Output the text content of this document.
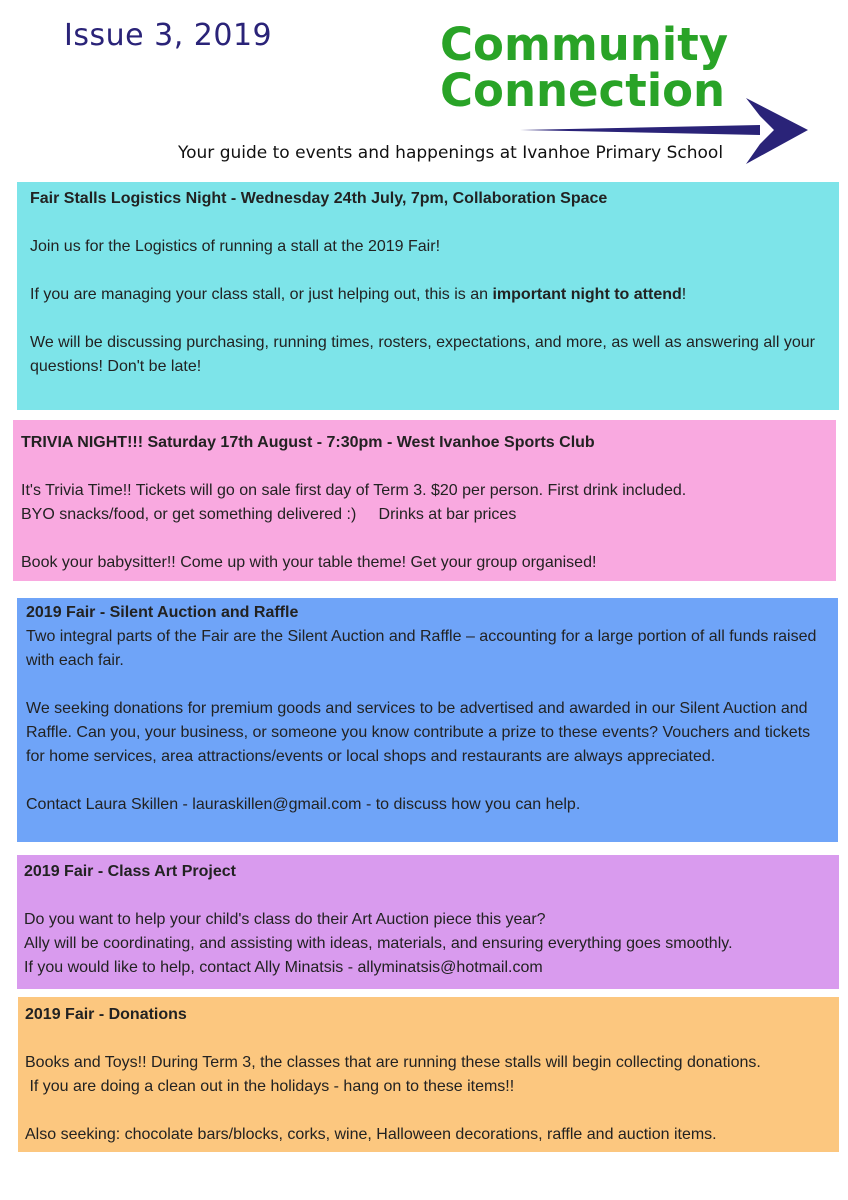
Issue 3, 2019	Community
Connection
Your guide to events and happenings at Ivanhoe Primary School

Fair Stalls Logistics Night - Wednesday 24th July, 7pm, Collaboration Space

Join us for the Logistics of running a stall at the 2019 Fair!

If you are managing your class stall, or just helping out, this is an important night to attend!

We will be discussing purchasing, running times, rosters, expectations, and more, as well as answering all your questions! Don't be late!

TRIVIA NIGHT!!! Saturday 17th August - 7:30pm - West Ivanhoe Sports Club

It's Trivia Time!! Tickets will go on sale first day of Term 3. $20 per person. First drink included.

BYO snacks/food, or get something delivered :)     Drinks at bar prices

Book your babysitter!! Come up with your table theme! Get your group organised!

2019 Fair - Silent Auction and Raffle

Two integral parts of the Fair are the Silent Auction and Raffle – accounting for a large portion of all funds raised with each fair.

We seeking donations for premium goods and services to be advertised and awarded in our Silent Auction and Raffle. Can you, your business, or someone you know contribute a prize to these events? Vouchers and tickets for home services, area attractions/events or local shops and restaurants are always appreciated.

Contact Laura Skillen - lauraskillen@gmail.com - to discuss how you can help.

2019 Fair - Class Art Project

Do you want to help your child's class do their Art Auction piece this year?

Ally will be coordinating, and assisting with ideas, materials, and ensuring everything goes smoothly.

If you would like to help, contact Ally Minatsis - allyminatsis@hotmail.com

2019 Fair - Donations

Books and Toys!! During Term 3, the classes that are running these stalls will begin collecting donations.

If you are doing a clean out in the holidays - hang on to these items!!

Also seeking: chocolate bars/blocks, corks, wine, Halloween decorations, raffle and auction items.
